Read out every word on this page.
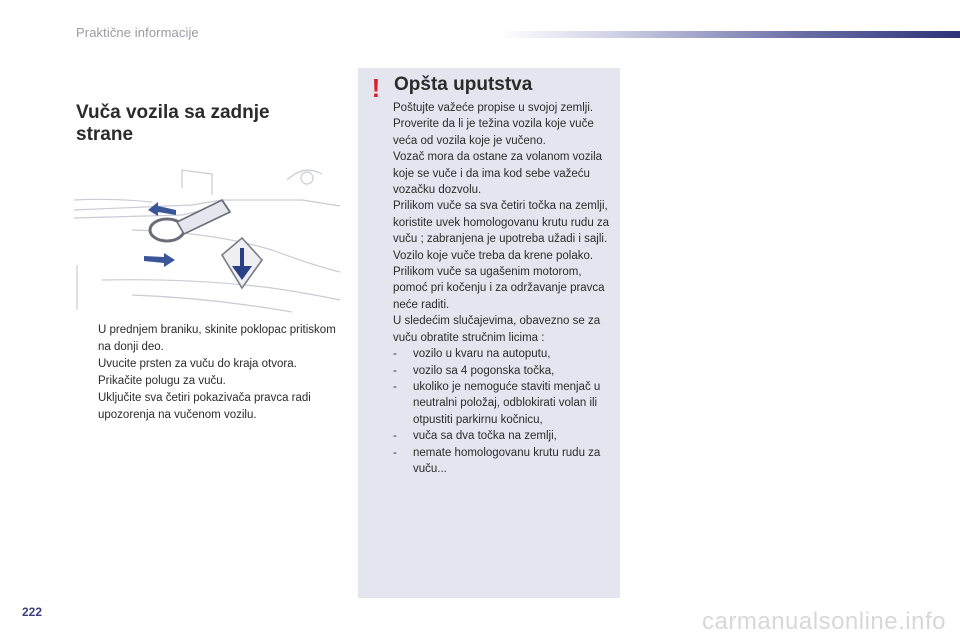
Praktične informacije
Vuča vozila sa zadnje strane
U prednjem braniku, skinite poklopac pritiskom na donji deo.
Uvucite prsten za vuču do kraja otvora.
Prikačite polugu za vuču.
Uključite sva četiri pokazivača pravca radi upozorenja na vučenom vozilu.
! Opšta uputstva

Poštujte važeće propise u svojoj zemlji.

Proverite da li je težina vozila koje vuče veća od vozila koje je vučeno.

Vozač mora da ostane za volanom vozila koje se vuče i da ima kod sebe važeću vozačku dozvolu.

Prilikom vuče sa sva četiri točka na zemlji, koristite uvek homologovanu krutu rudu za vuču ; zabranjena je upotreba užadi i sajli.

Vozilo koje vuče treba da krene polako.

Prilikom vuče sa ugašenim motorom, pomoć pri kočenju i za održavanje pravca neće raditi.

U sledećim slučajevima, obavezno se za vuču obratite stručnim licima :

- vozilo u kvaru na autoputu,
- vozilo sa 4 pogonska točka,
- ukoliko je nemoguće staviti menjač u neutralni položaj, odblokirati volan ili otpustiti parkirnu kočnicu,
- vuča sa dva točka na zemlji,
- nemate homologovanu krutu rudu za vuču...
222	carmanualsonline.info
